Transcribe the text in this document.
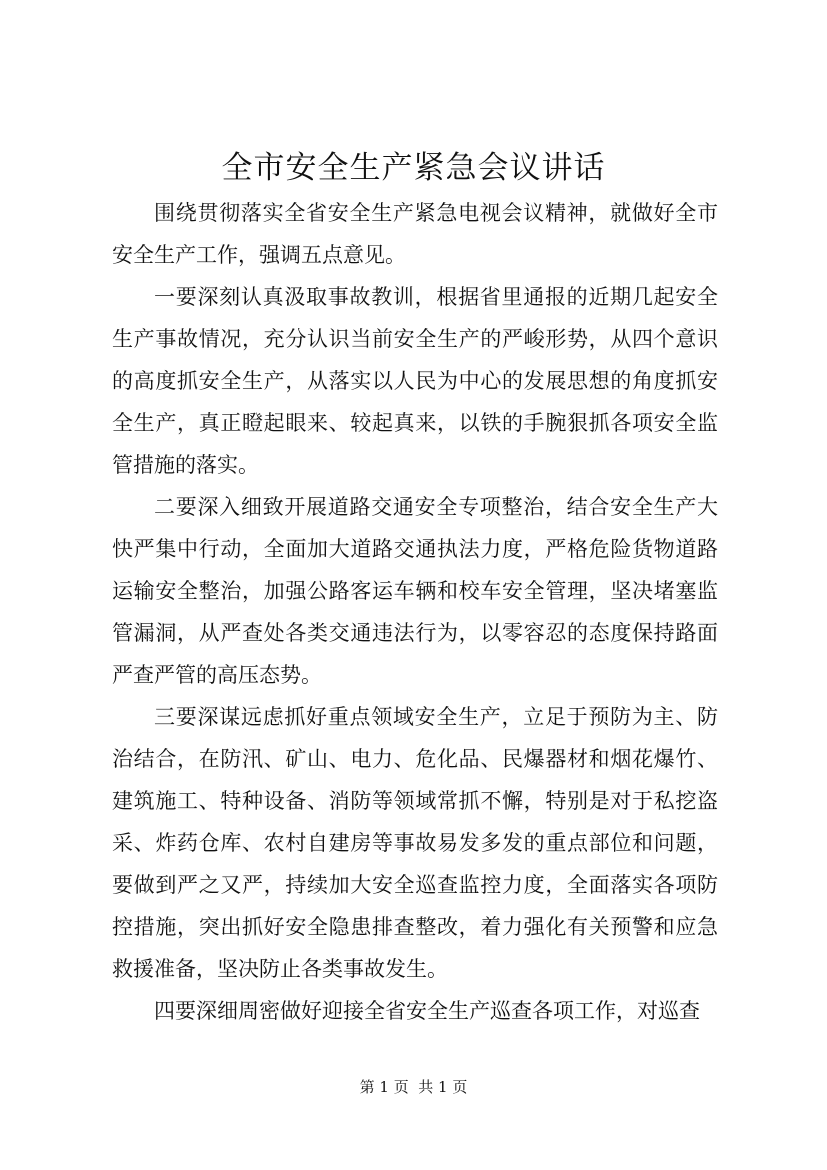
全市安全生产紧急会议讲话

围绕贯彻落实全省安全生产紧急电视会议精神，就做好全市安全生产工作，强调五点意见。

一要深刻认真汲取事故教训，根据省里通报的近期几起安全生产事故情况，充分认识当前安全生产的严峻形势，从四个意识的高度抓安全生产，从落实以人民为中心的发展思想的角度抓安全生产，真正瞪起眼来、较起真来，以铁的手腕狠抓各项安全监管措施的落实。

二要深入细致开展道路交通安全专项整治，结合安全生产大快严集中行动，全面加大道路交通执法力度，严格危险货物道路运输安全整治，加强公路客运车辆和校车安全管理，坚决堵塞监管漏洞，从严查处各类交通违法行为，以零容忍的态度保持路面严查严管的高压态势。

三要深谋远虑抓好重点领域安全生产，立足于预防为主、防治结合，在防汛、矿山、电力、危化品、民爆器材和烟花爆竹、建筑施工、特种设备、消防等领域常抓不懈，特别是对于私挖盗采、炸药仓库、农村自建房等事故易发多发的重点部位和问题，要做到严之又严，持续加大安全巡查监控力度，全面落实各项防控措施，突出抓好安全隐患排查整改，着力强化有关预警和应急救援准备，坚决防止各类事故发生。

四要深细周密做好迎接全省安全生产巡查各项工作，对巡查

第 1 页  共 1 页
